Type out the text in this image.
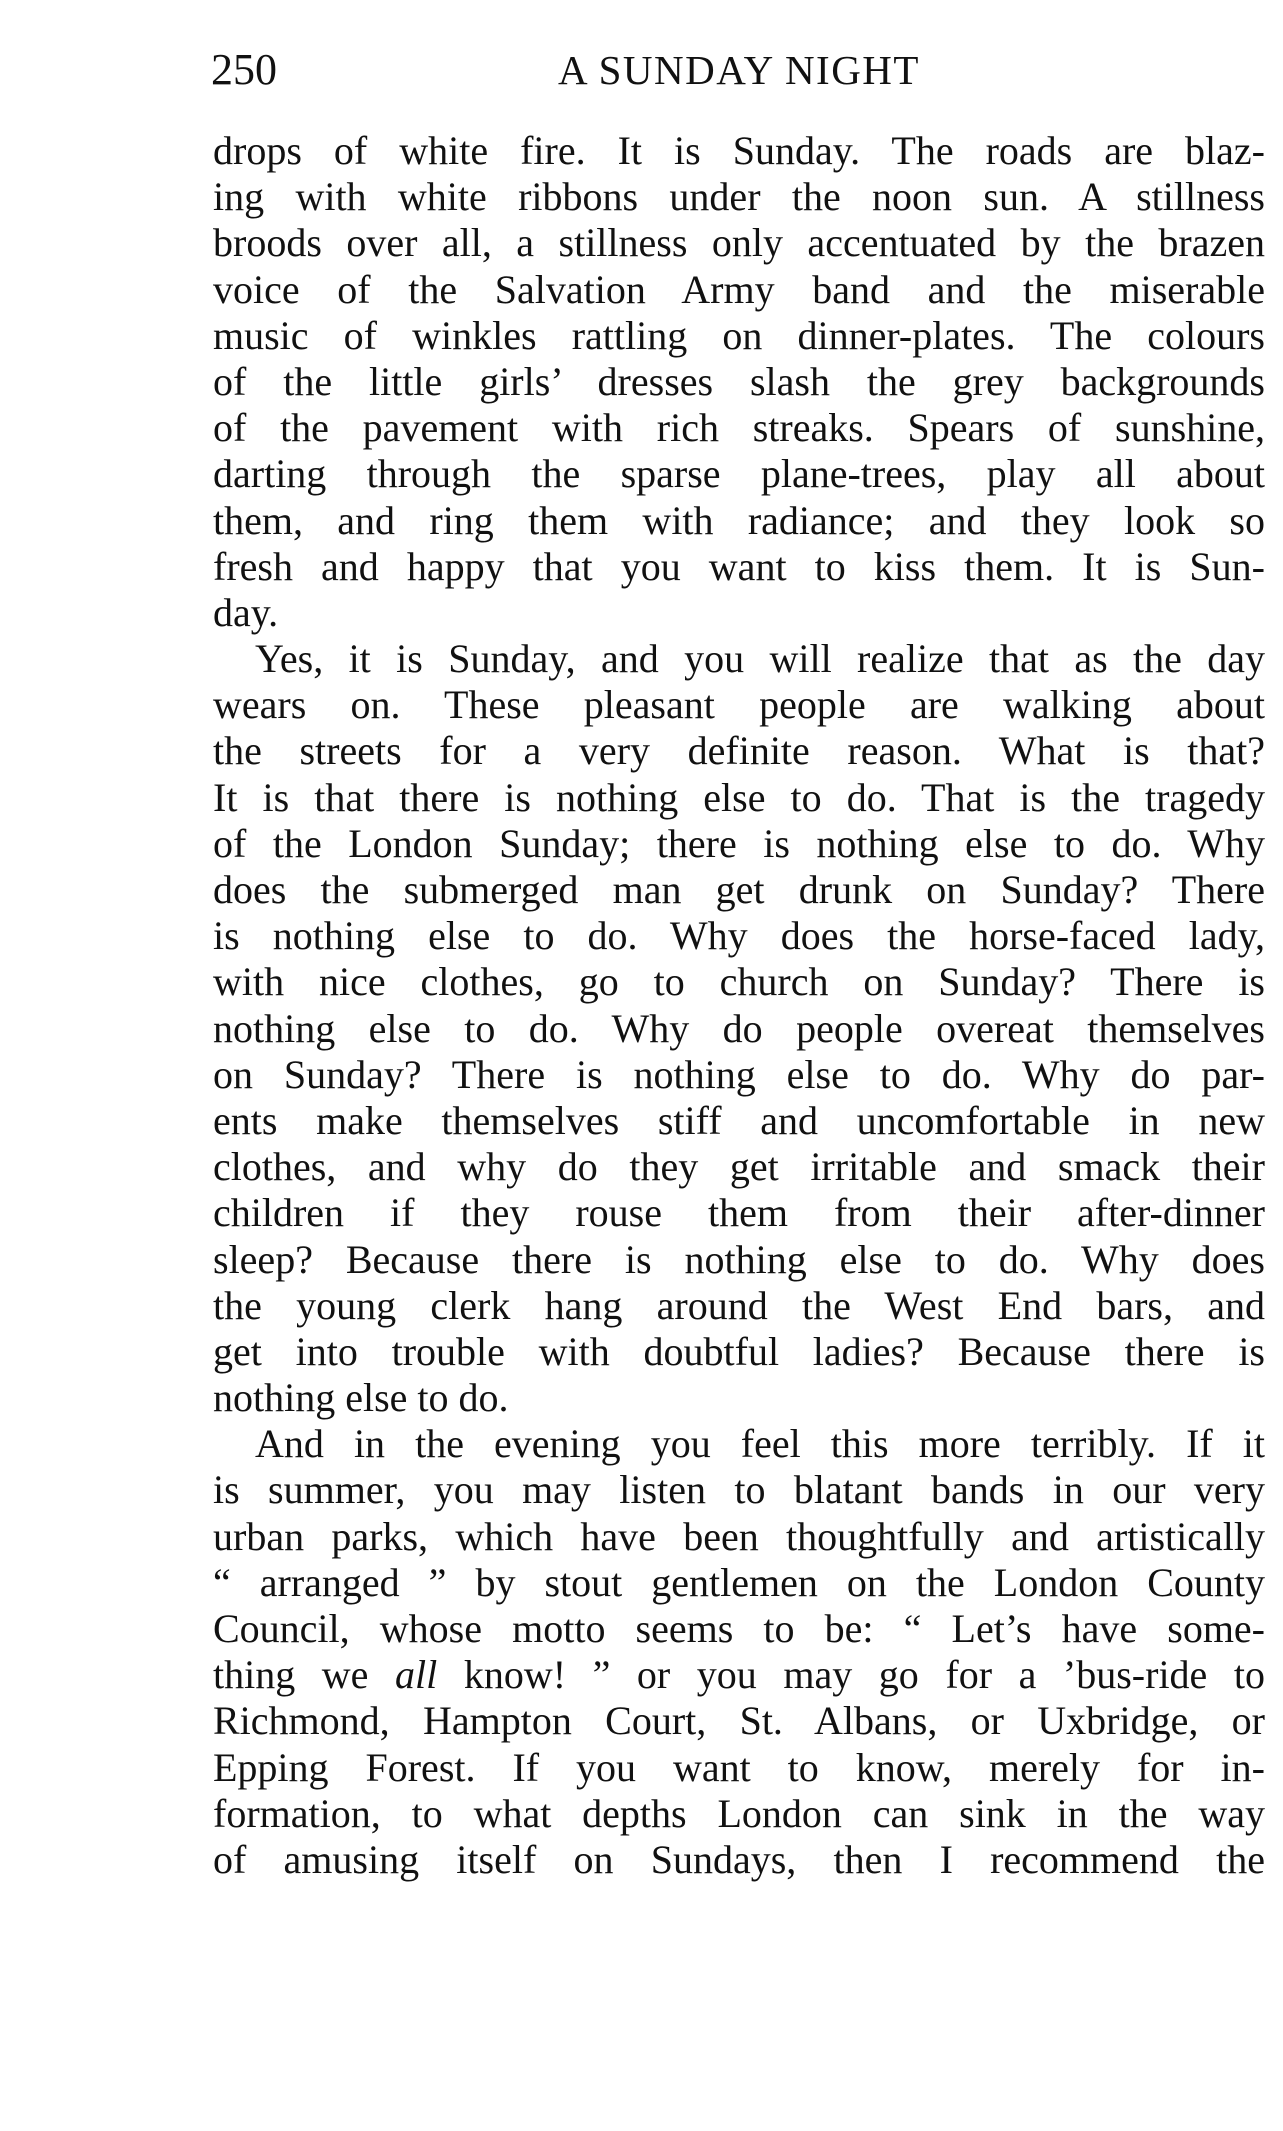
250	A SUNDAY NIGHT
drops of white fire. It is Sunday. The roads are blaz-
ing with white ribbons under the noon sun. A stillness
broods over all, a stillness only accentuated by the brazen
voice of the Salvation Army band and the miserable
music of winkles rattling on dinner-plates. The colours
of the little girls’ dresses slash the grey backgrounds
of the pavement with rich streaks. Spears of sunshine,
darting through the sparse plane-trees, play all about
them, and ring them with radiance; and they look so
fresh and happy that you want to kiss them. It is Sun-
day.
Yes, it is Sunday, and you will realize that as the day
wears on. These pleasant people are walking about
the streets for a very definite reason. What is that?
It is that there is nothing else to do. That is the tragedy
of the London Sunday; there is nothing else to do. Why
does the submerged man get drunk on Sunday? There
is nothing else to do. Why does the horse-faced lady,
with nice clothes, go to church on Sunday? There is
nothing else to do. Why do people overeat themselves
on Sunday? There is nothing else to do. Why do par-
ents make themselves stiff and uncomfortable in new
clothes, and why do they get irritable and smack their
children if they rouse them from their after-dinner
sleep? Because there is nothing else to do. Why does
the young clerk hang around the West End bars, and
get into trouble with doubtful ladies? Because there is
nothing else to do.
And in the evening you feel this more terribly. If it
is summer, you may listen to blatant bands in our very
urban parks, which have been thoughtfully and artistically
“ arranged ” by stout gentlemen on the London County
Council, whose motto seems to be: “ Let’s have some-
thing we all know! ” or you may go for a ’bus-ride to
Richmond, Hampton Court, St. Albans, or Uxbridge, or
Epping Forest. If you want to know, merely for in-
formation, to what depths London can sink in the way
of amusing itself on Sundays, then I recommend the
